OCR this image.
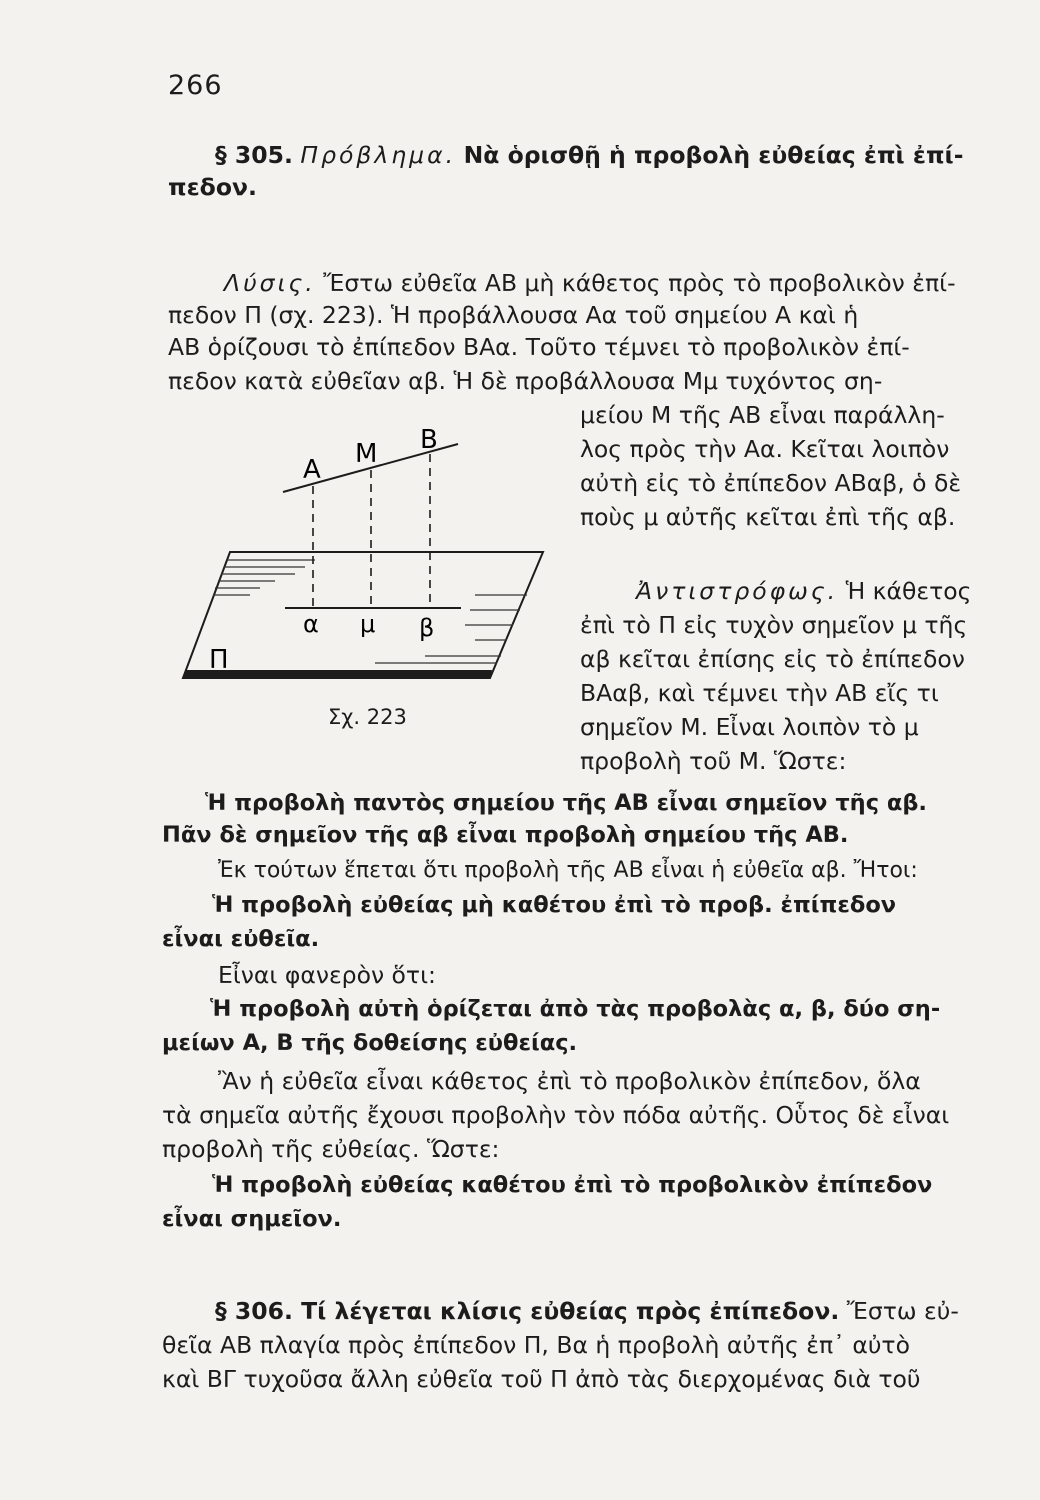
266
§ 305. Πρόβλημα. Νὰ ὁρισθῇ ἡ προβολὴ εὐθείας ἐπὶ ἐπί-
πεδον.
Λύσις. Ἔστω εὐθεῖα ΑΒ μὴ κάθετος πρὸς τὸ προβολικὸν ἐπί-
πεδον Π (σχ. 223). Ἡ προβάλλουσα Αα τοῦ σημείου Α καὶ ἡ
ΑΒ ὁρίζουσι τὸ ἐπίπεδον ΒΑα. Τοῦτο τέμνει τὸ προβολικὸν ἐπί-
πεδον κατὰ εὐθεῖαν αβ. Ἡ δὲ προβάλλουσα Μμ τυχόντος ση-
μείου Μ τῆς ΑΒ εἶναι παράλλη-
λος πρὸς τὴν Αα. Κεῖται λοιπὸν
αὐτὴ εἰς τὸ ἐπίπεδον ΑΒαβ, ὁ δὲ
ποὺς μ αὐτῆς κεῖται ἐπὶ τῆς αβ.
Ἀντιστρόφως. Ἡ κάθετος
ἐπὶ τὸ Π εἰς τυχὸν σημεῖον μ τῆς
αβ κεῖται ἐπίσης εἰς τὸ ἐπίπεδον
ΒΑαβ, καὶ τέμνει τὴν ΑΒ εἴς τι
σημεῖον Μ. Εἶναι λοιπὸν τὸ μ
προβολὴ τοῦ Μ. Ὥστε:
Ἡ προβολὴ παντὸς σημείου τῆς ΑΒ εἶναι σημεῖον τῆς αβ.
Πᾶν δὲ σημεῖον τῆς αβ εἶναι προβολὴ σημείου τῆς ΑΒ.
Ἐκ τούτων ἕπεται ὅτι προβολὴ τῆς ΑΒ εἶναι ἡ εὐθεῖα αβ. Ἤτοι:
Ἡ προβολὴ εὐθείας μὴ καθέτου ἐπὶ τὸ προβ. ἐπίπεδον
εἶναι εὐθεῖα.
Εἶναι φανερὸν ὅτι:
Ἡ προβολὴ αὐτὴ ὁρίζεται ἀπὸ τὰς προβολὰς α, β, δύο ση-
μείων Α, Β τῆς δοθείσης εὐθείας.
Ἂν ἡ εὐθεῖα εἶναι κάθετος ἐπὶ τὸ προβολικὸν ἐπίπεδον, ὅλα
τὰ σημεῖα αὐτῆς ἔχουσι προβολὴν τὸν πόδα αὐτῆς. Οὗτος δὲ εἶναι
προβολὴ τῆς εὐθείας. Ὥστε:
Ἡ προβολὴ εὐθείας καθέτου ἐπὶ τὸ προβολικὸν ἐπίπεδον
εἶναι σημεῖον.
§ 306. Τί λέγεται κλίσις εὐθείας πρὸς ἐπίπεδον. Ἔστω εὐ-
θεῖα ΑΒ πλαγία πρὸς ἐπίπεδον Π, Βα ἡ προβολὴ αὐτῆς ἐπ᾿ αὐτὸ
καὶ ΒΓ τυχοῦσα ἄλλη εὐθεῖα τοῦ Π ἀπὸ τὰς διερχομένας διὰ τοῦ
Α
Μ Β
α μ β
Π
Σχ. 223
